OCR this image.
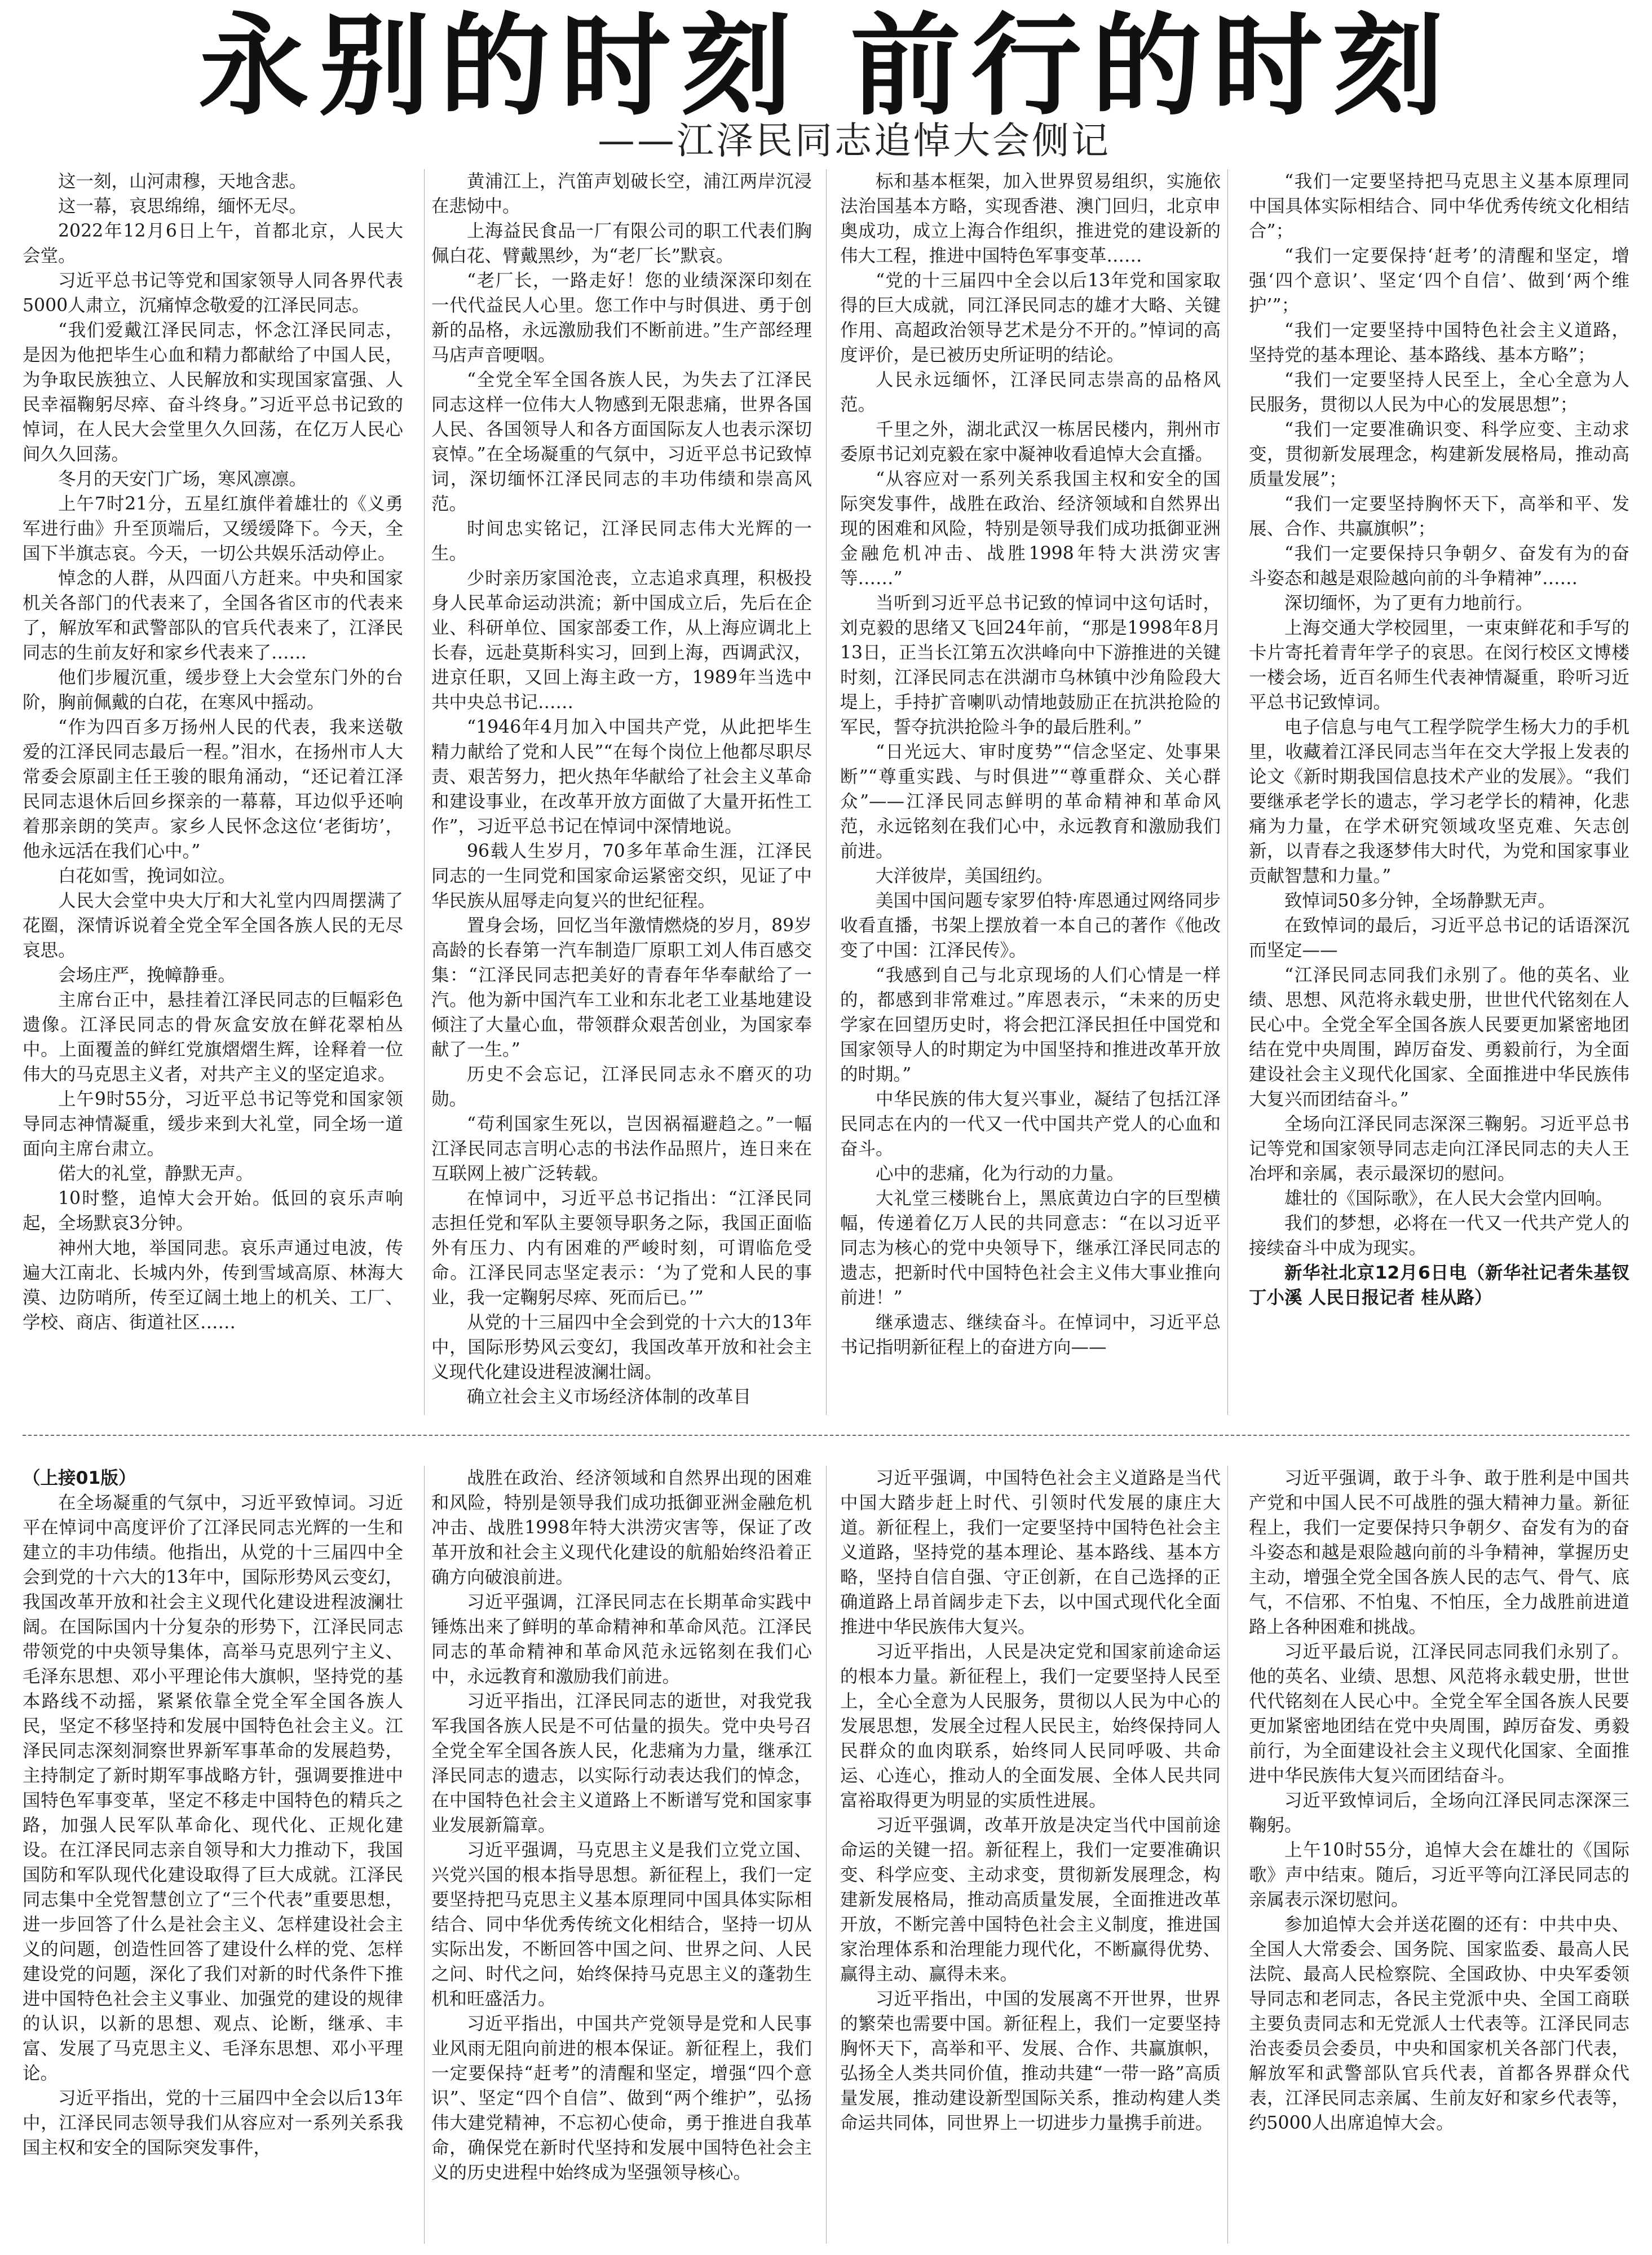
永别的时刻 前行的时刻
——江泽民同志追悼大会侧记

这一刻，山河肃穆，天地含悲。

这一幕，哀思绵绵，缅怀无尽。

2022年12月6日上午，首都北京，人民大会堂。

习近平总书记等党和国家领导人同各界代表5000人肃立，沉痛悼念敬爱的江泽民同志。

“我们爱戴江泽民同志，怀念江泽民同志，是因为他把毕生心血和精力都献给了中国人民，为争取民族独立、人民解放和实现国家富强、人民幸福鞠躬尽瘁、奋斗终身。”习近平总书记致的悼词，在人民大会堂里久久回荡，在亿万人民心间久久回荡。

冬月的天安门广场，寒风凛凛。

上午7时21分，五星红旗伴着雄壮的《义勇军进行曲》升至顶端后，又缓缓降下。今天，全国下半旗志哀。今天，一切公共娱乐活动停止。

悼念的人群，从四面八方赶来。中央和国家机关各部门的代表来了，全国各省区市的代表来了，解放军和武警部队的官兵代表来了，江泽民同志的生前友好和家乡代表来了……

他们步履沉重，缓步登上大会堂东门外的台阶，胸前佩戴的白花，在寒风中摇动。

“作为四百多万扬州人民的代表，我来送敬爱的江泽民同志最后一程。”泪水，在扬州市人大常委会原副主任王骏的眼角涌动，“还记着江泽民同志退休后回乡探亲的一幕幕，耳边似乎还响着那亲朗的笑声。家乡人民怀念这位‘老街坊’，他永远活在我们心中。”

白花如雪，挽词如泣。

人民大会堂中央大厅和大礼堂内四周摆满了花圈，深情诉说着全党全军全国各族人民的无尽哀思。

会场庄严，挽幛静垂。

主席台正中，悬挂着江泽民同志的巨幅彩色遗像。江泽民同志的骨灰盒安放在鲜花翠柏丛中。上面覆盖的鲜红党旗熠熠生辉，诠释着一位伟大的马克思主义者，对共产主义的坚定追求。

上午9时55分，习近平总书记等党和国家领导同志神情凝重，缓步来到大礼堂，同全场一道面向主席台肃立。

偌大的礼堂，静默无声。

10时整，追悼大会开始。低回的哀乐声响起，全场默哀3分钟。

神州大地，举国同悲。哀乐声通过电波，传遍大江南北、长城内外，传到雪域高原、林海大漠、边防哨所，传至辽阔土地上的机关、工厂、学校、商店、街道社区……

黄浦江上，汽笛声划破长空，浦江两岸沉浸在悲恸中。

上海益民食品一厂有限公司的职工代表们胸佩白花、臂戴黑纱，为“老厂长”默哀。

“老厂长，一路走好！您的业绩深深印刻在一代代益民人心里。您工作中与时俱进、勇于创新的品格，永远激励我们不断前进。”生产部经理马店声音哽咽。

“全党全军全国各族人民，为失去了江泽民同志这样一位伟大人物感到无限悲痛，世界各国人民、各国领导人和各方面国际友人也表示深切哀悼。”在全场凝重的气氛中，习近平总书记致悼词，深切缅怀江泽民同志的丰功伟绩和崇高风范。

时间忠实铭记，江泽民同志伟大光辉的一生。

少时亲历家国沧丧，立志追求真理，积极投身人民革命运动洪流；新中国成立后，先后在企业、科研单位、国家部委工作，从上海应调北上长春，远赴莫斯科实习，回到上海，西调武汉，进京任职，又回上海主政一方，1989年当选中共中央总书记……

“1946年4月加入中国共产党，从此把毕生精力献给了党和人民”“在每个岗位上他都尽职尽责、艰苦努力，把火热年华献给了社会主义革命和建设事业，在改革开放方面做了大量开拓性工作”，习近平总书记在悼词中深情地说。

96载人生岁月，70多年革命生涯，江泽民同志的一生同党和国家命运紧密交织，见证了中华民族从屈辱走向复兴的世纪征程。

置身会场，回忆当年激情燃烧的岁月，89岁高龄的长春第一汽车制造厂原职工刘人伟百感交集：“江泽民同志把美好的青春年华奉献给了一汽。他为新中国汽车工业和东北老工业基地建设倾注了大量心血，带领群众艰苦创业，为国家奉献了一生。”

历史不会忘记，江泽民同志永不磨灭的功勋。

“苟利国家生死以，岂因祸福避趋之。”一幅江泽民同志言明心志的书法作品照片，连日来在互联网上被广泛转载。

在悼词中，习近平总书记指出：“江泽民同志担任党和军队主要领导职务之际，我国正面临外有压力、内有困难的严峻时刻，可谓临危受命。江泽民同志坚定表示：‘为了党和人民的事业，我一定鞠躬尽瘁、死而后已。’”

从党的十三届四中全会到党的十六大的13年中，国际形势风云变幻，我国改革开放和社会主义现代化建设进程波澜壮阔。

确立社会主义市场经济体制的改革目

标和基本框架，加入世界贸易组织，实施依法治国基本方略，实现香港、澳门回归，北京申奥成功，成立上海合作组织，推进党的建设新的伟大工程，推进中国特色军事变革……

“党的十三届四中全会以后13年党和国家取得的巨大成就，同江泽民同志的雄才大略、关键作用、高超政治领导艺术是分不开的。”悼词的高度评价，是已被历史所证明的结论。

人民永远缅怀，江泽民同志崇高的品格风范。

千里之外，湖北武汉一栋居民楼内，荆州市委原书记刘克毅在家中凝神收看追悼大会直播。

“从容应对一系列关系我国主权和安全的国际突发事件，战胜在政治、经济领域和自然界出现的困难和风险，特别是领导我们成功抵御亚洲金融危机冲击、战胜1998年特大洪涝灾害等……”

当听到习近平总书记致的悼词中这句话时，刘克毅的思绪又飞回24年前，“那是1998年8月13日，正当长江第五次洪峰向中下游推进的关键时刻，江泽民同志在洪湖市乌林镇中沙角险段大堤上，手持扩音喇叭动情地鼓励正在抗洪抢险的军民，誓夺抗洪抢险斗争的最后胜利。”

“日光远大、审时度势”“信念坚定、处事果断”“尊重实践、与时俱进”“尊重群众、关心群众”——江泽民同志鲜明的革命精神和革命风范，永远铭刻在我们心中，永远教育和激励我们前进。

大洋彼岸，美国纽约。

美国中国问题专家罗伯特·库恩通过网络同步收看直播，书架上摆放着一本自己的著作《他改变了中国：江泽民传》。

“我感到自己与北京现场的人们心情是一样的，都感到非常难过。”库恩表示，“未来的历史学家在回望历史时，将会把江泽民担任中国党和国家领导人的时期定为中国坚持和推进改革开放的时期。”

中华民族的伟大复兴事业，凝结了包括江泽民同志在内的一代又一代中国共产党人的心血和奋斗。

心中的悲痛，化为行动的力量。

大礼堂三楼眺台上，黑底黄边白字的巨型横幅，传递着亿万人民的共同意志：“在以习近平同志为核心的党中央领导下，继承江泽民同志的遗志，把新时代中国特色社会主义伟大事业推向前进！”

继承遗志、继续奋斗。在悼词中，习近平总书记指明新征程上的奋进方向——

“我们一定要坚持把马克思主义基本原理同中国具体实际相结合、同中华优秀传统文化相结合”；

“我们一定要保持‘赶考’的清醒和坚定，增强‘四个意识’、坚定‘四个自信’、做到‘两个维护’”；

“我们一定要坚持中国特色社会主义道路，坚持党的基本理论、基本路线、基本方略”；

“我们一定要坚持人民至上，全心全意为人民服务，贯彻以人民为中心的发展思想”；

“我们一定要准确识变、科学应变、主动求变，贯彻新发展理念，构建新发展格局，推动高质量发展”；

“我们一定要坚持胸怀天下，高举和平、发展、合作、共赢旗帜”；

“我们一定要保持只争朝夕、奋发有为的奋斗姿态和越是艰险越向前的斗争精神”……

深切缅怀，为了更有力地前行。

上海交通大学校园里，一束束鲜花和手写的卡片寄托着青年学子的哀思。在闵行校区文博楼一楼会场，近百名师生代表神情凝重，聆听习近平总书记致悼词。

电子信息与电气工程学院学生杨大力的手机里，收藏着江泽民同志当年在交大学报上发表的论文《新时期我国信息技术产业的发展》。“我们要继承老学长的遗志，学习老学长的精神，化悲痛为力量，在学术研究领域攻坚克难、矢志创新，以青春之我逐梦伟大时代，为党和国家事业贡献智慧和力量。”

致悼词50多分钟，全场静默无声。

在致悼词的最后，习近平总书记的话语深沉而坚定——

“江泽民同志同我们永别了。他的英名、业绩、思想、风范将永载史册，世世代代铭刻在人民心中。全党全军全国各族人民要更加紧密地团结在党中央周围，踔厉奋发、勇毅前行，为全面建设社会主义现代化国家、全面推进中华民族伟大复兴而团结奋斗。”

全场向江泽民同志深深三鞠躬。习近平总书记等党和国家领导同志走向江泽民同志的夫人王冶坪和亲属，表示最深切的慰问。

雄壮的《国际歌》，在人民大会堂内回响。

我们的梦想，必将在一代又一代共产党人的接续奋斗中成为现实。

新华社北京12月6日电（新华社记者朱基钗 丁小溪 人民日报记者 桂从路）

（上接01版）

在全场凝重的气氛中，习近平致悼词。习近平在悼词中高度评价了江泽民同志光辉的一生和建立的丰功伟绩。他指出，从党的十三届四中全会到党的十六大的13年中，国际形势风云变幻，我国改革开放和社会主义现代化建设进程波澜壮阔。在国际国内十分复杂的形势下，江泽民同志带领党的中央领导集体，高举马克思列宁主义、毛泽东思想、邓小平理论伟大旗帜，坚持党的基本路线不动摇，紧紧依靠全党全军全国各族人民，坚定不移坚持和发展中国特色社会主义。江泽民同志深刻洞察世界新军事革命的发展趋势，主持制定了新时期军事战略方针，强调要推进中国特色军事变革，坚定不移走中国特色的精兵之路，加强人民军队革命化、现代化、正规化建设。在江泽民同志亲自领导和大力推动下，我国国防和军队现代化建设取得了巨大成就。江泽民同志集中全党智慧创立了“三个代表”重要思想，进一步回答了什么是社会主义、怎样建设社会主义的问题，创造性回答了建设什么样的党、怎样建设党的问题，深化了我们对新的时代条件下推进中国特色社会主义事业、加强党的建设的规律的认识，以新的思想、观点、论断，继承、丰富、发展了马克思主义、毛泽东思想、邓小平理论。

习近平指出，党的十三届四中全会以后13年中，江泽民同志领导我们从容应对一系列关系我国主权和安全的国际突发事件，

战胜在政治、经济领域和自然界出现的困难和风险，特别是领导我们成功抵御亚洲金融危机冲击、战胜1998年特大洪涝灾害等，保证了改革开放和社会主义现代化建设的航船始终沿着正确方向破浪前进。

习近平强调，江泽民同志在长期革命实践中锤炼出来了鲜明的革命精神和革命风范。江泽民同志的革命精神和革命风范永远铭刻在我们心中，永远教育和激励我们前进。

习近平指出，江泽民同志的逝世，对我党我军我国各族人民是不可估量的损失。党中央号召全党全军全国各族人民，化悲痛为力量，继承江泽民同志的遗志，以实际行动表达我们的悼念，在中国特色社会主义道路上不断谱写党和国家事业发展新篇章。

习近平强调，马克思主义是我们立党立国、兴党兴国的根本指导思想。新征程上，我们一定要坚持把马克思主义基本原理同中国具体实际相结合、同中华优秀传统文化相结合，坚持一切从实际出发，不断回答中国之问、世界之问、人民之问、时代之问，始终保持马克思主义的蓬勃生机和旺盛活力。

习近平指出，中国共产党领导是党和人民事业风雨无阻向前进的根本保证。新征程上，我们一定要保持“赶考”的清醒和坚定，增强“四个意识”、坚定“四个自信”、做到“两个维护”，弘扬伟大建党精神，不忘初心使命，勇于推进自我革命，确保党在新时代坚持和发展中国特色社会主义的历史进程中始终成为坚强领导核心。

习近平强调，中国特色社会主义道路是当代中国大踏步赶上时代、引领时代发展的康庄大道。新征程上，我们一定要坚持中国特色社会主义道路，坚持党的基本理论、基本路线、基本方略，坚持自信自强、守正创新，在自己选择的正确道路上昂首阔步走下去，以中国式现代化全面推进中华民族伟大复兴。

习近平指出，人民是决定党和国家前途命运的根本力量。新征程上，我们一定要坚持人民至上，全心全意为人民服务，贯彻以人民为中心的发展思想，发展全过程人民民主，始终保持同人民群众的血肉联系，始终同人民同呼吸、共命运、心连心，推动人的全面发展、全体人民共同富裕取得更为明显的实质性进展。

习近平强调，改革开放是决定当代中国前途命运的关键一招。新征程上，我们一定要准确识变、科学应变、主动求变，贯彻新发展理念，构建新发展格局，推动高质量发展，全面推进改革开放，不断完善中国特色社会主义制度，推进国家治理体系和治理能力现代化，不断赢得优势、赢得主动、赢得未来。

习近平指出，中国的发展离不开世界，世界的繁荣也需要中国。新征程上，我们一定要坚持胸怀天下，高举和平、发展、合作、共赢旗帜，弘扬全人类共同价值，推动共建“一带一路”高质量发展，推动建设新型国际关系，推动构建人类命运共同体，同世界上一切进步力量携手前进。

习近平强调，敢于斗争、敢于胜利是中国共产党和中国人民不可战胜的强大精神力量。新征程上，我们一定要保持只争朝夕、奋发有为的奋斗姿态和越是艰险越向前的斗争精神，掌握历史主动，增强全党全国各族人民的志气、骨气、底气，不信邪、不怕鬼、不怕压，全力战胜前进道路上各种困难和挑战。

习近平最后说，江泽民同志同我们永别了。他的英名、业绩、思想、风范将永载史册，世世代代铭刻在人民心中。全党全军全国各族人民要更加紧密地团结在党中央周围，踔厉奋发、勇毅前行，为全面建设社会主义现代化国家、全面推进中华民族伟大复兴而团结奋斗。

习近平致悼词后，全场向江泽民同志深深三鞠躬。

上午10时55分，追悼大会在雄壮的《国际歌》声中结束。随后，习近平等向江泽民同志的亲属表示深切慰问。

参加追悼大会并送花圈的还有：中共中央、全国人大常委会、国务院、国家监委、最高人民法院、最高人民检察院、全国政协、中央军委领导同志和老同志，各民主党派中央、全国工商联主要负责同志和无党派人士代表等。江泽民同志治丧委员会委员，中央和国家机关各部门代表，解放军和武警部队官兵代表，首都各界群众代表，江泽民同志亲属、生前友好和家乡代表等，约5000人出席追悼大会。
